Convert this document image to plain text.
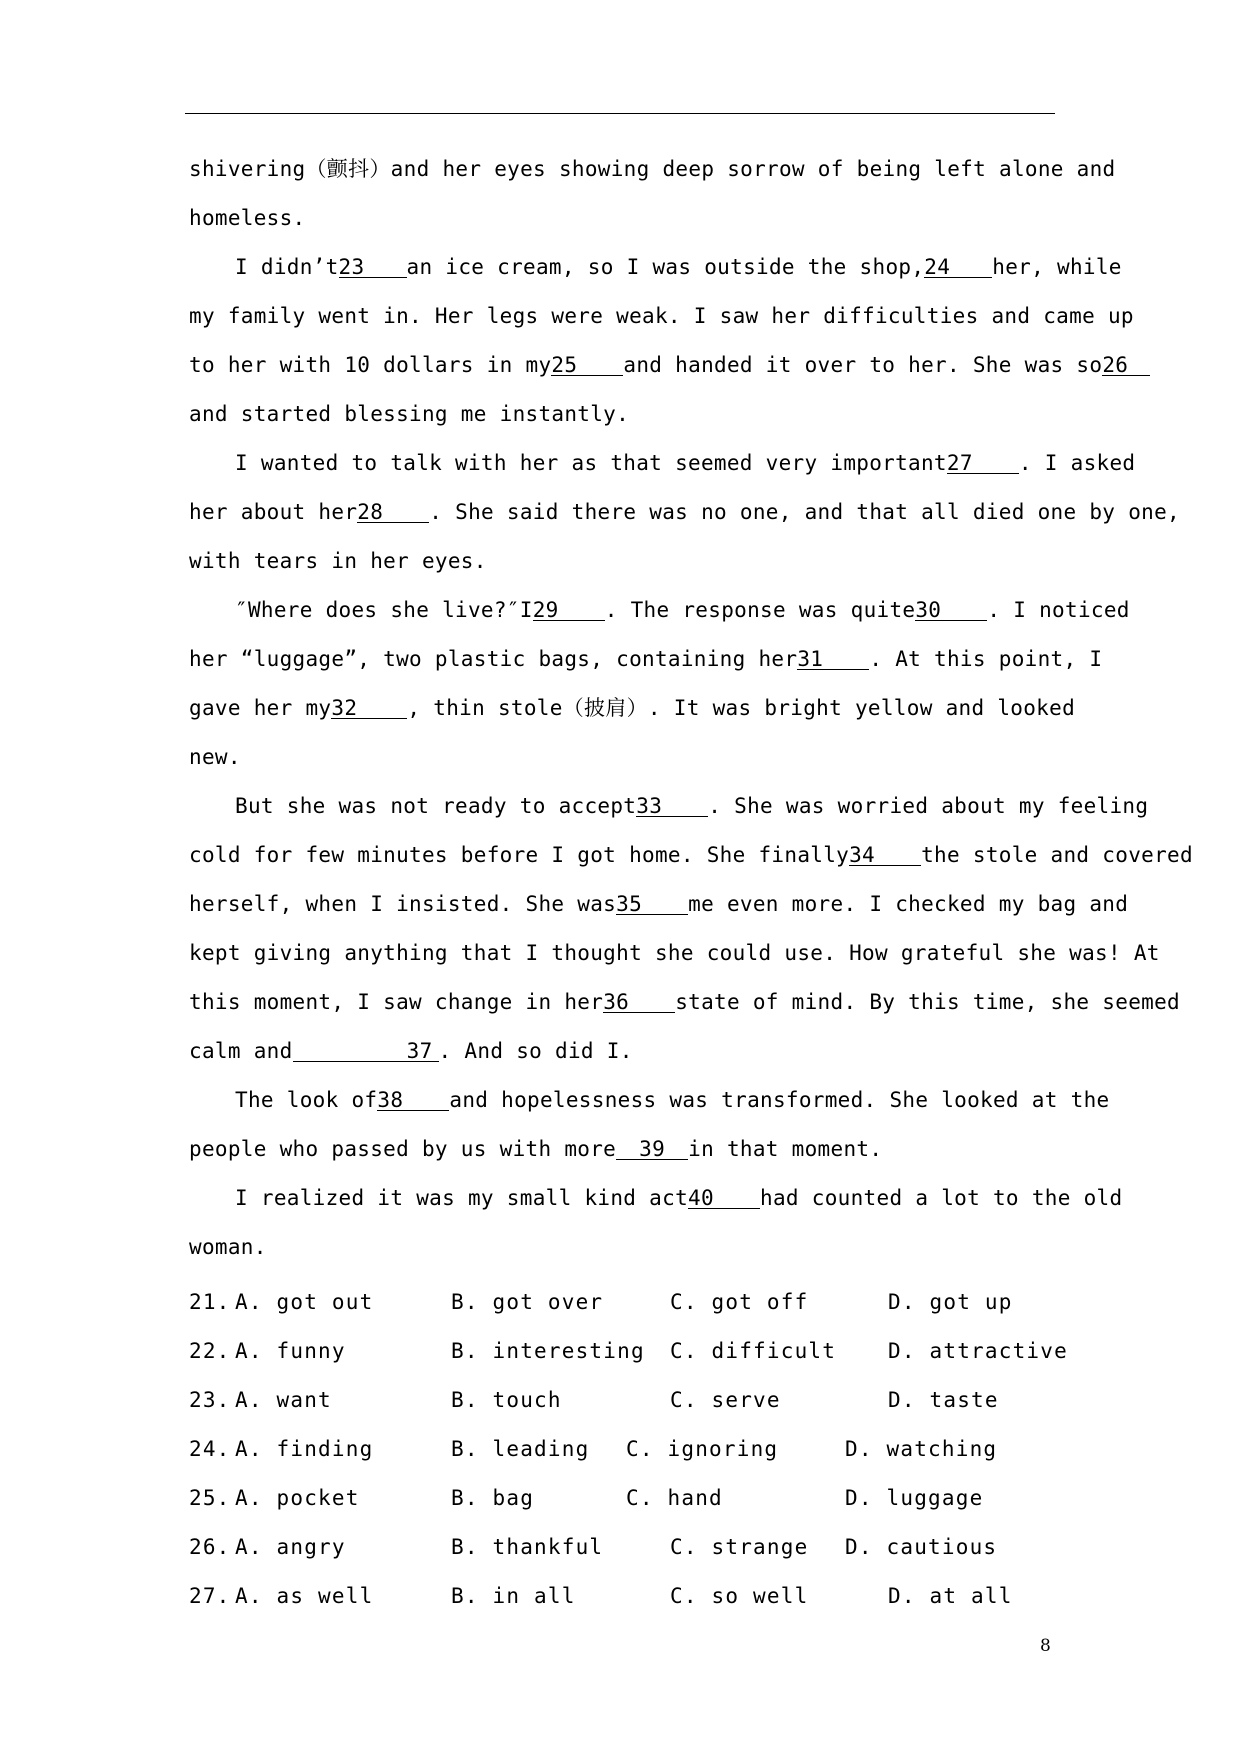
shivering（颤抖）and her eyes showing deep sorrow of being left alone and
homeless.
I didn’t23 an ice cream, so I was outside the shop,24 her, while
my family went in. Her legs were weak. I saw her difficulties and came up
to her with 10 dollars in my25 and handed it over to her. She was so26
and started blessing me instantly.
I wanted to talk with her as that seemed very important27 . I asked
her about her28 . She said there was no one, and that all died one by one,
with tears in her eyes.
″Where does she live?″I29 . The response was quite30 . I noticed
her “luggage”, two plastic bags, containing her31 . At this point, I
gave her my32 , thin stole（披肩）. It was bright yellow and looked
new.
But she was not ready to accept33 . She was worried about my feeling
cold for few minutes before I got home. She finally34 the stole and covered
herself, when I insisted. She was35 me even more. I checked my bag and
kept giving anything that I thought she could use. How grateful she was! At
this moment, I saw change in her36 state of mind. By this time, she seemed
calm and	37 . And so did I.
The look of38 and hopelessness was transformed. She looked at the
people who passed by us with more 39 in that moment.
I realized it was my small kind act40 had counted a lot to the old
woman.
21. A. got out	B. got over	C. got off	D. got up
22. A. funny	B. interesting C. difficult D. attractive
23. A. want	B. touch	C. serve	D. taste
24. A. finding	B. leading C. ignoring	D. watching
25. A. pocket	B. bag	C. hand	D. luggage
26. A. angry	B. thankful	C. strange D. cautious
27. A. as well	B. in all	C. so well	D. at all
8
